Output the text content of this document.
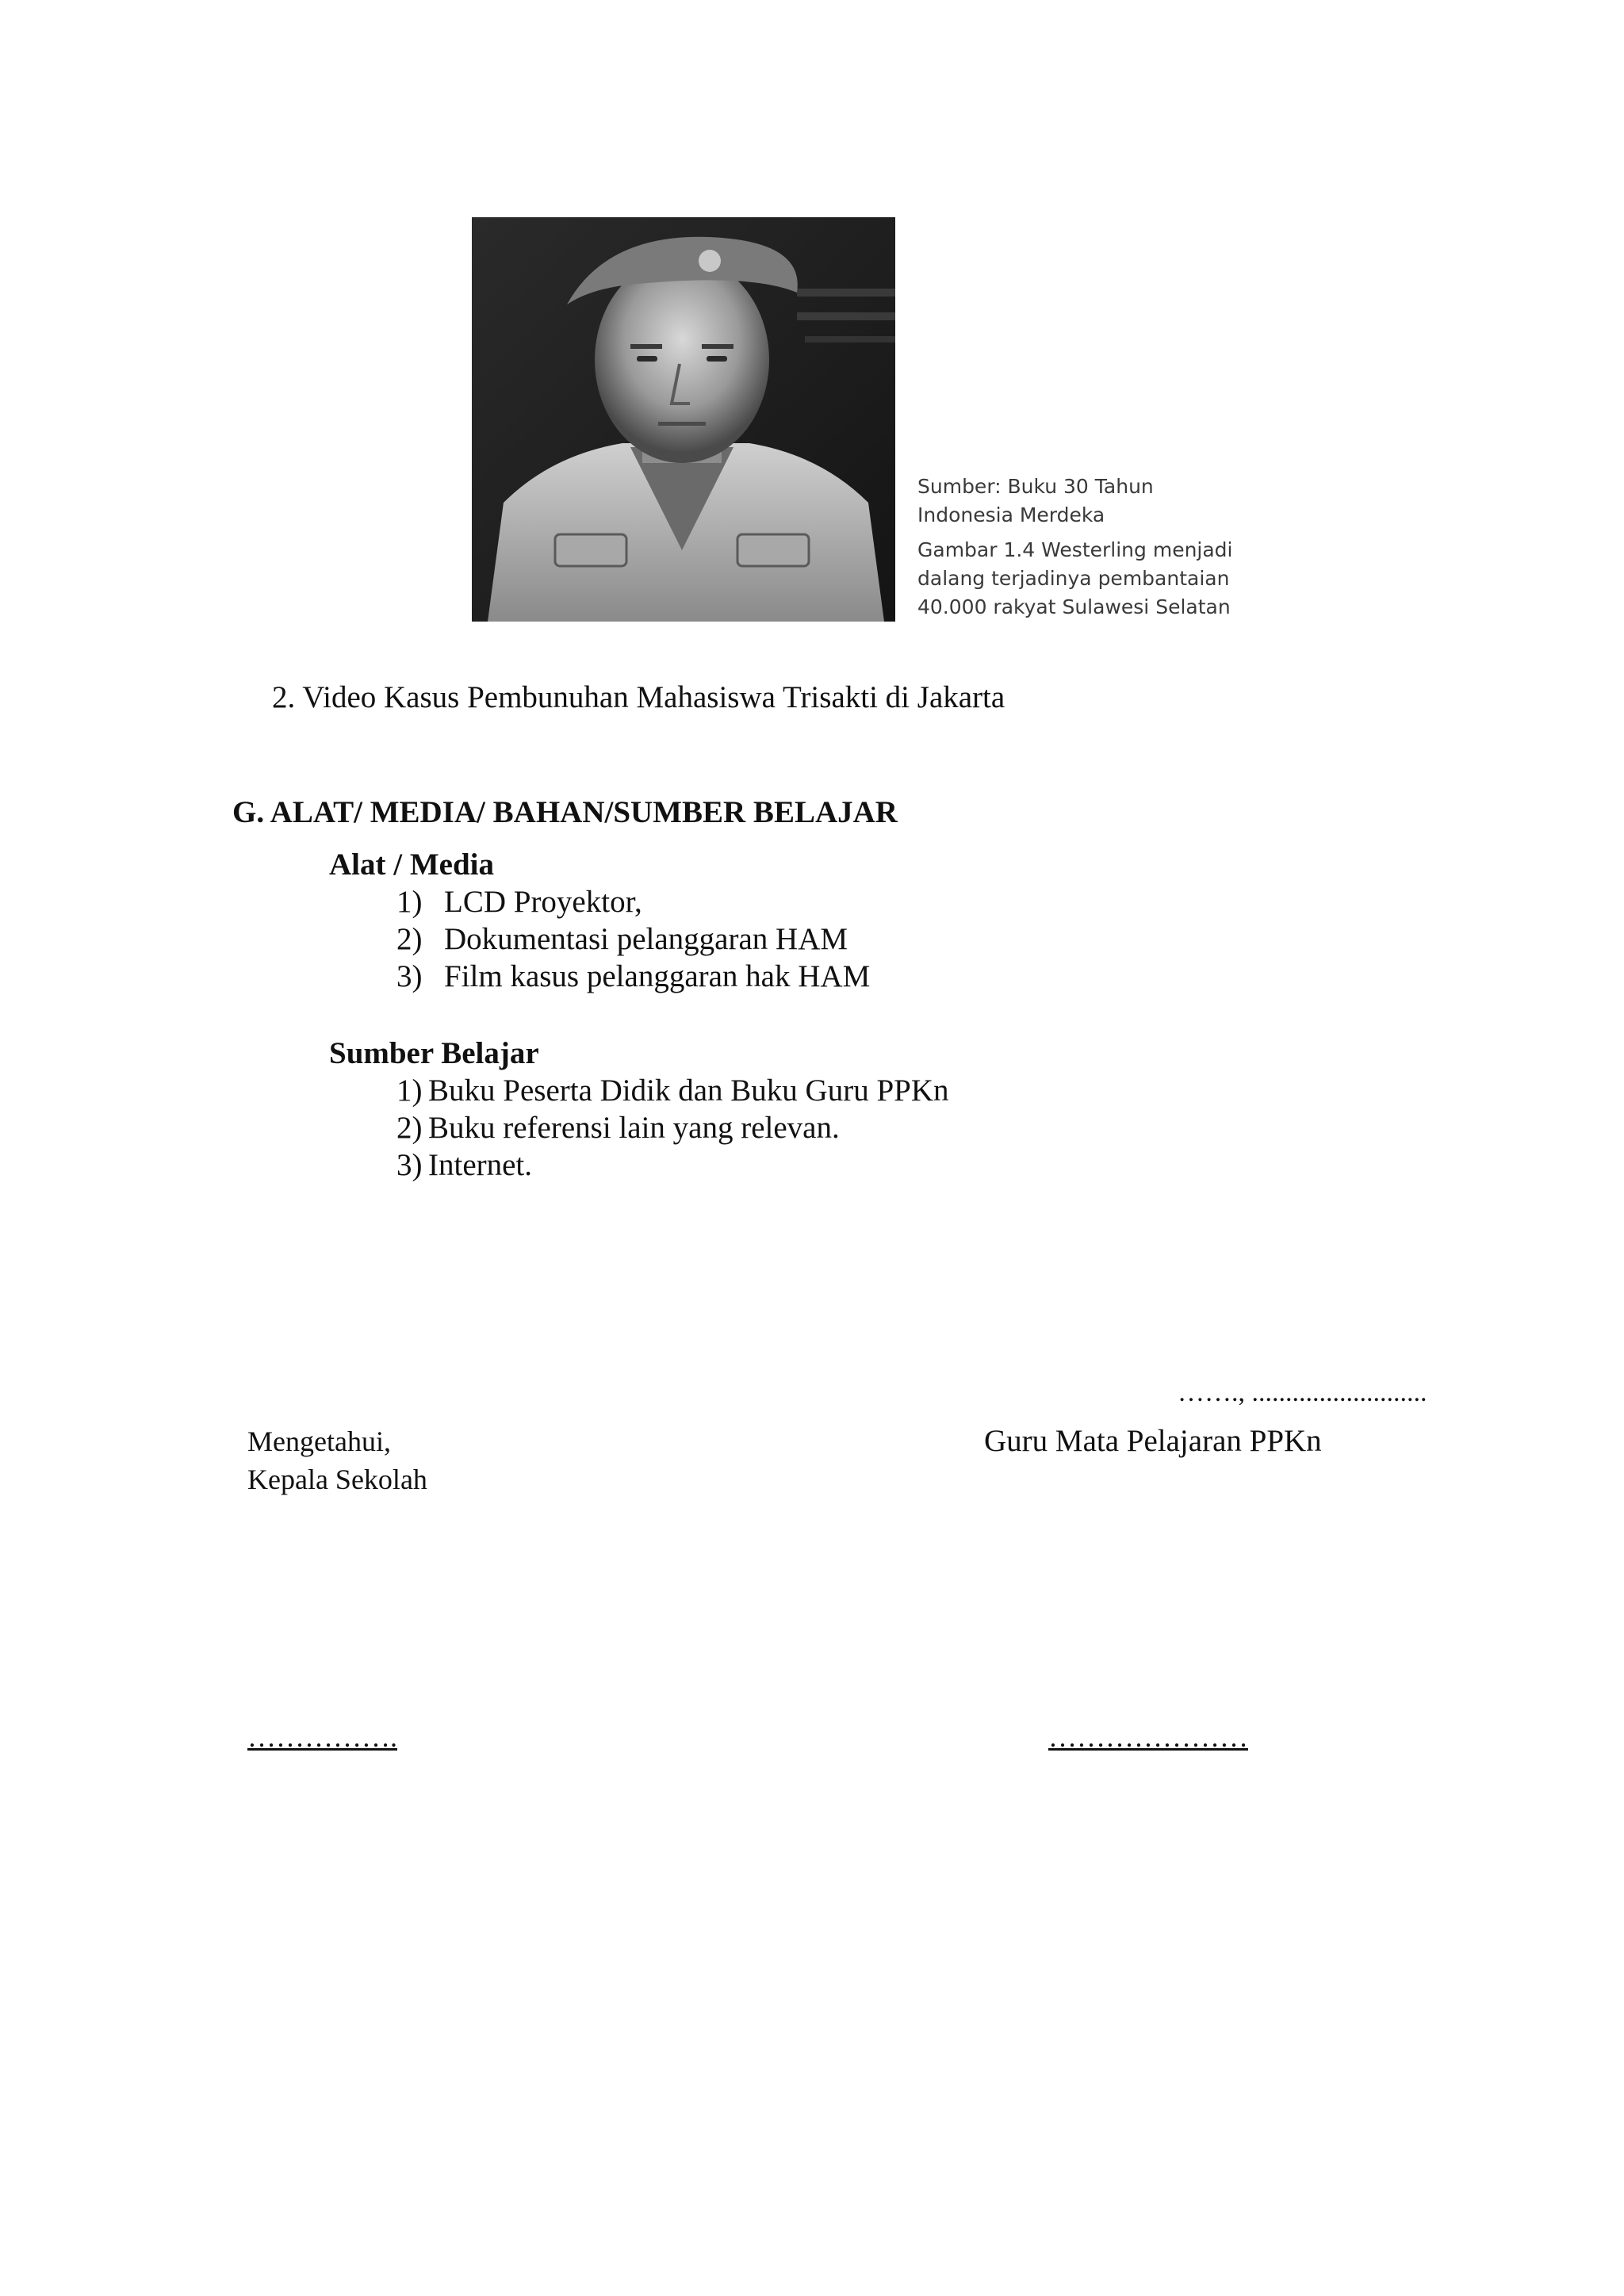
Sumber: Buku 30 Tahun
Indonesia Merdeka
Gambar 1.4 Westerling menjadi
dalang terjadinya pembantaian
40.000 rakyat Sulawesi Selatan
2. Video Kasus Pembunuhan Mahasiswa Trisakti di Jakarta
G. ALAT/ MEDIA/ BAHAN/SUMBER BELAJAR
Alat / Media
1) LCD Proyektor,
2) Dokumentasi pelanggaran HAM
3) Film kasus pelanggaran hak HAM
Sumber Belajar
1) Buku Peserta Didik dan Buku Guru PPKn
2) Buku referensi lain yang relevan.
3) Internet.
……., ..........................
Mengetahui,
Kepala Sekolah
Guru Mata Pelajaran PPKn
…………….	…………………
